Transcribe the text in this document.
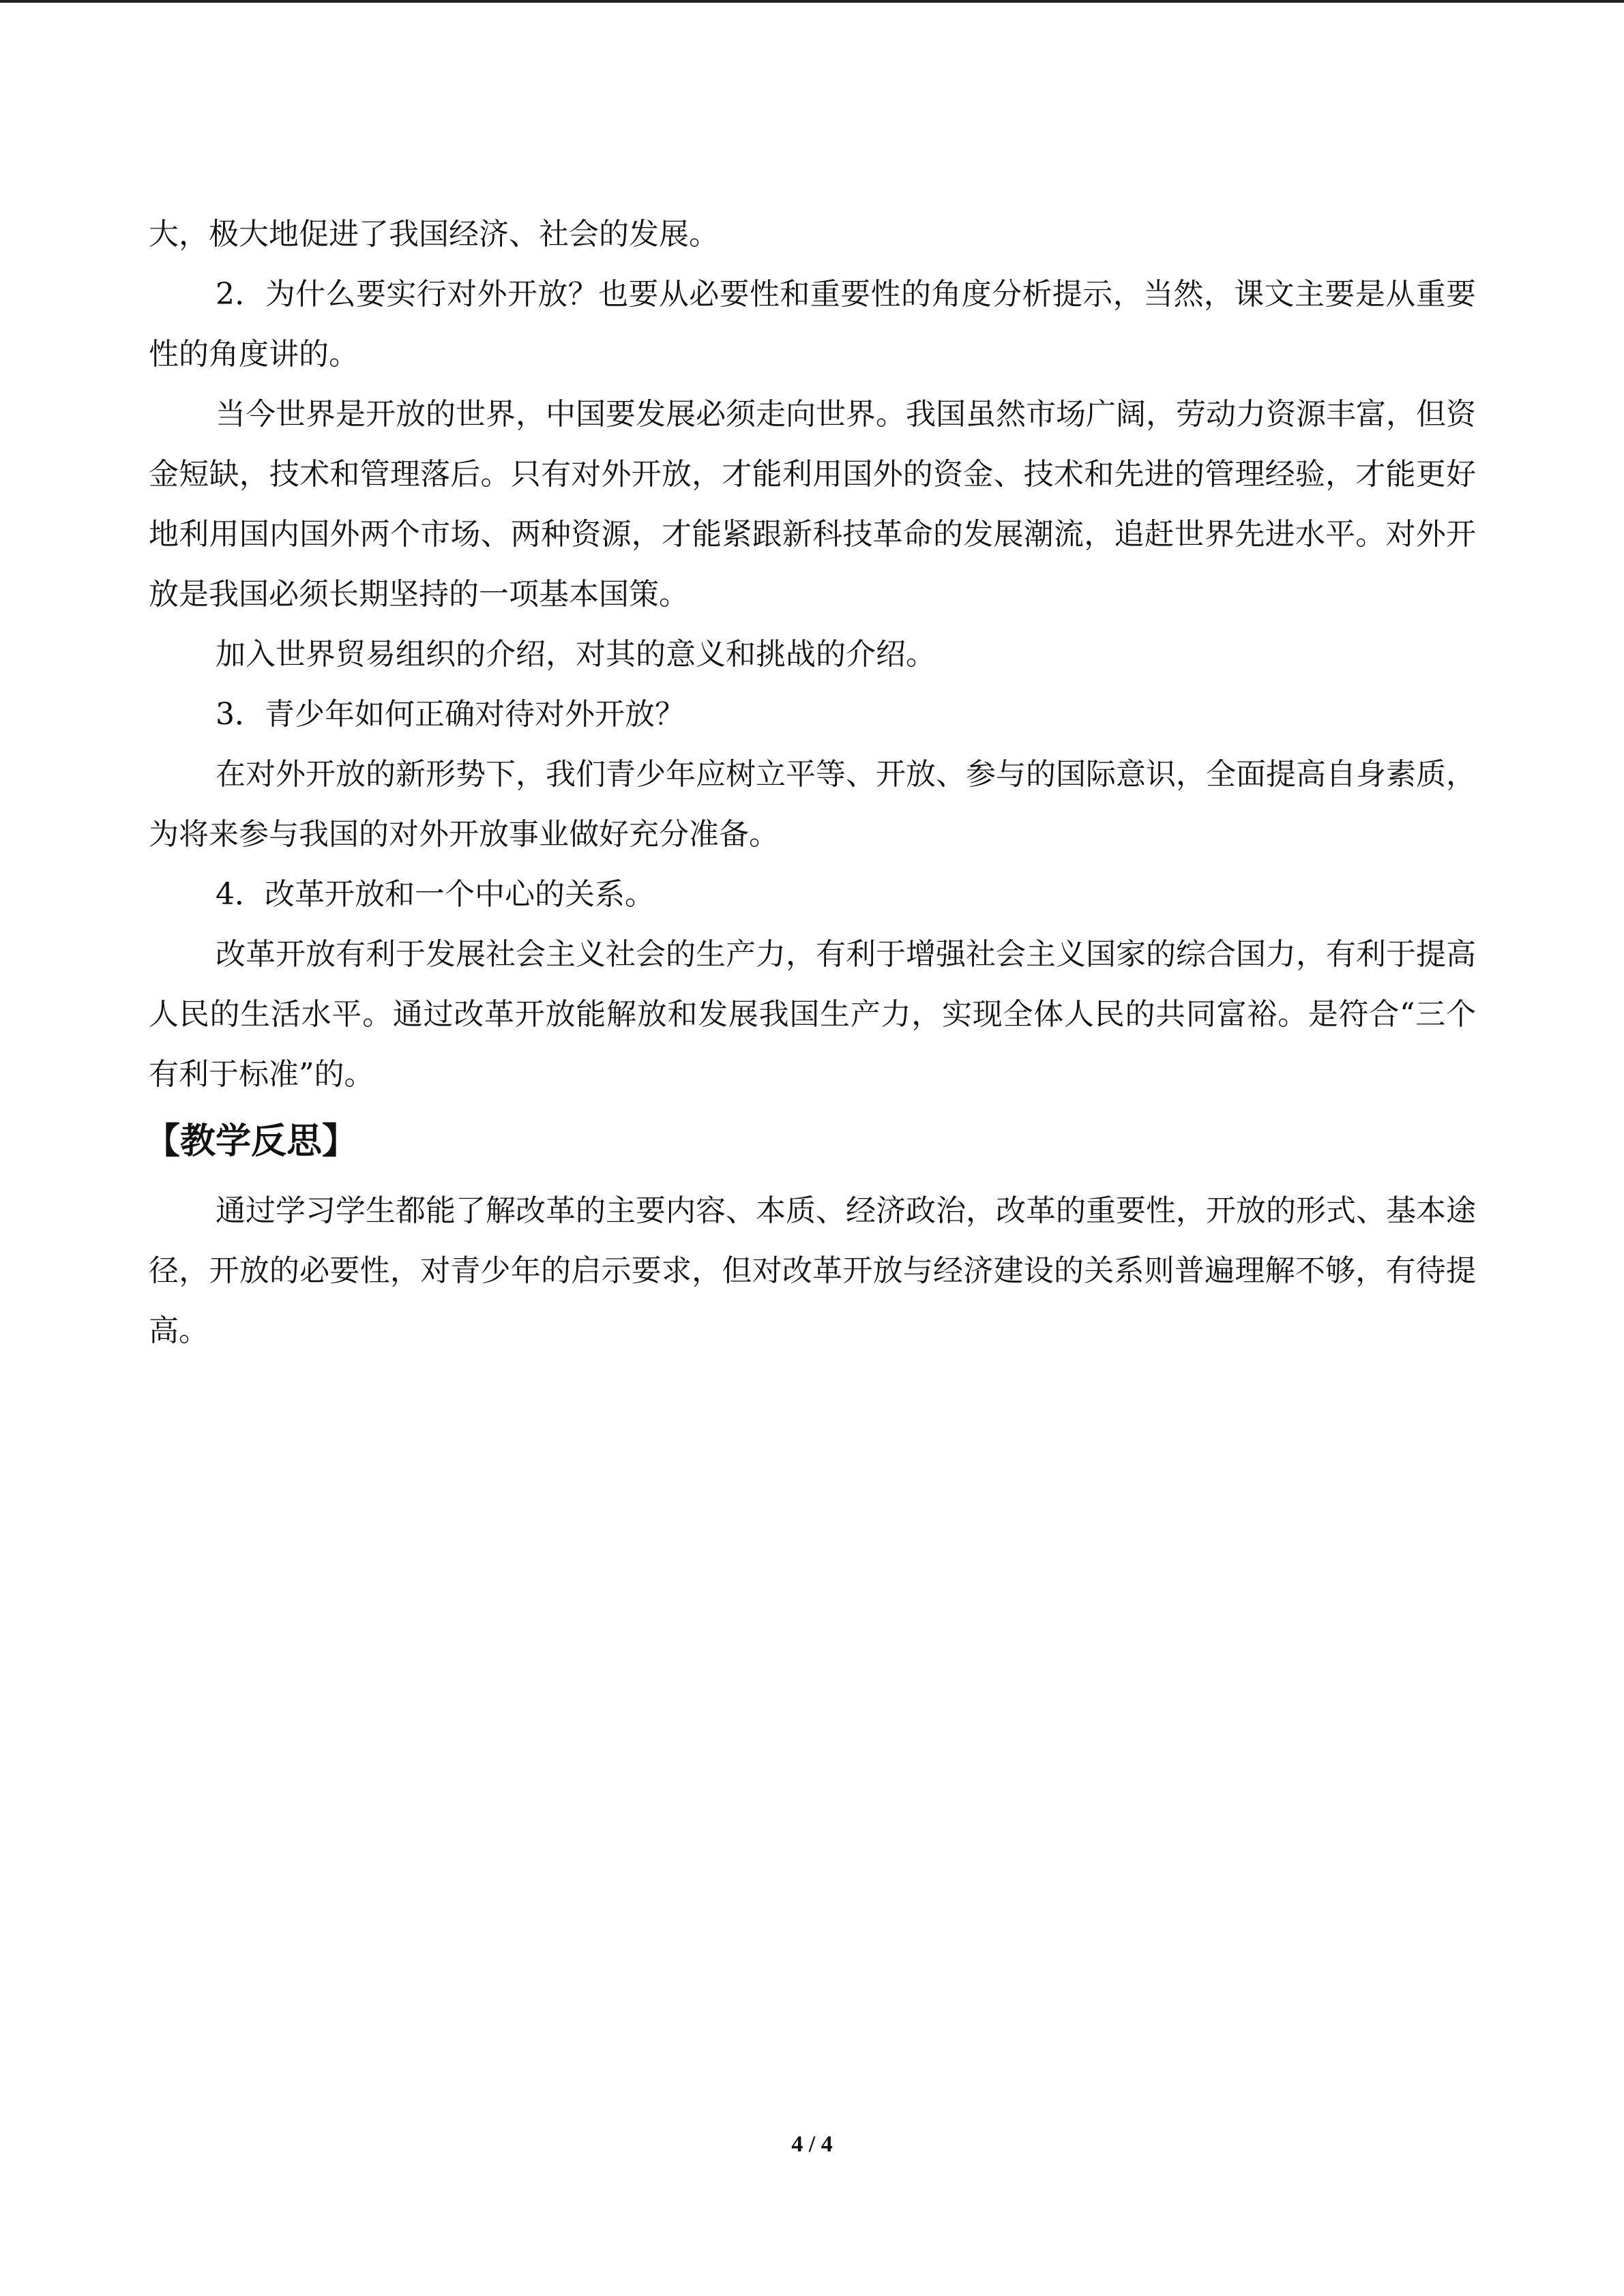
大，极大地促进了我国经济、社会的发展。

2．为什么要实行对外开放？也要从必要性和重要性的角度分析提示，当然，课文主要是从重要性的角度讲的。

当今世界是开放的世界，中国要发展必须走向世界。我国虽然市场广阔，劳动力资源丰富，但资金短缺，技术和管理落后。只有对外开放，才能利用国外的资金、技术和先进的管理经验，才能更好地利用国内国外两个市场、两种资源，才能紧跟新科技革命的发展潮流，追赶世界先进水平。对外开放是我国必须长期坚持的一项基本国策。

加入世界贸易组织的介绍，对其的意义和挑战的介绍。

3．青少年如何正确对待对外开放？

在对外开放的新形势下，我们青少年应树立平等、开放、参与的国际意识，全面提高自身素质，为将来参与我国的对外开放事业做好充分准备。

4．改革开放和一个中心的关系。

改革开放有利于发展社会主义社会的生产力，有利于增强社会主义国家的综合国力，有利于提高人民的生活水平。通过改革开放能解放和发展我国生产力，实现全体人民的共同富裕。是符合“三个有利于标准”的。

【教学反思】

通过学习学生都能了解改革的主要内容、本质、经济政治，改革的重要性，开放的形式、基本途径，开放的必要性，对青少年的启示要求，但对改革开放与经济建设的关系则普遍理解不够，有待提高。

4 / 4
